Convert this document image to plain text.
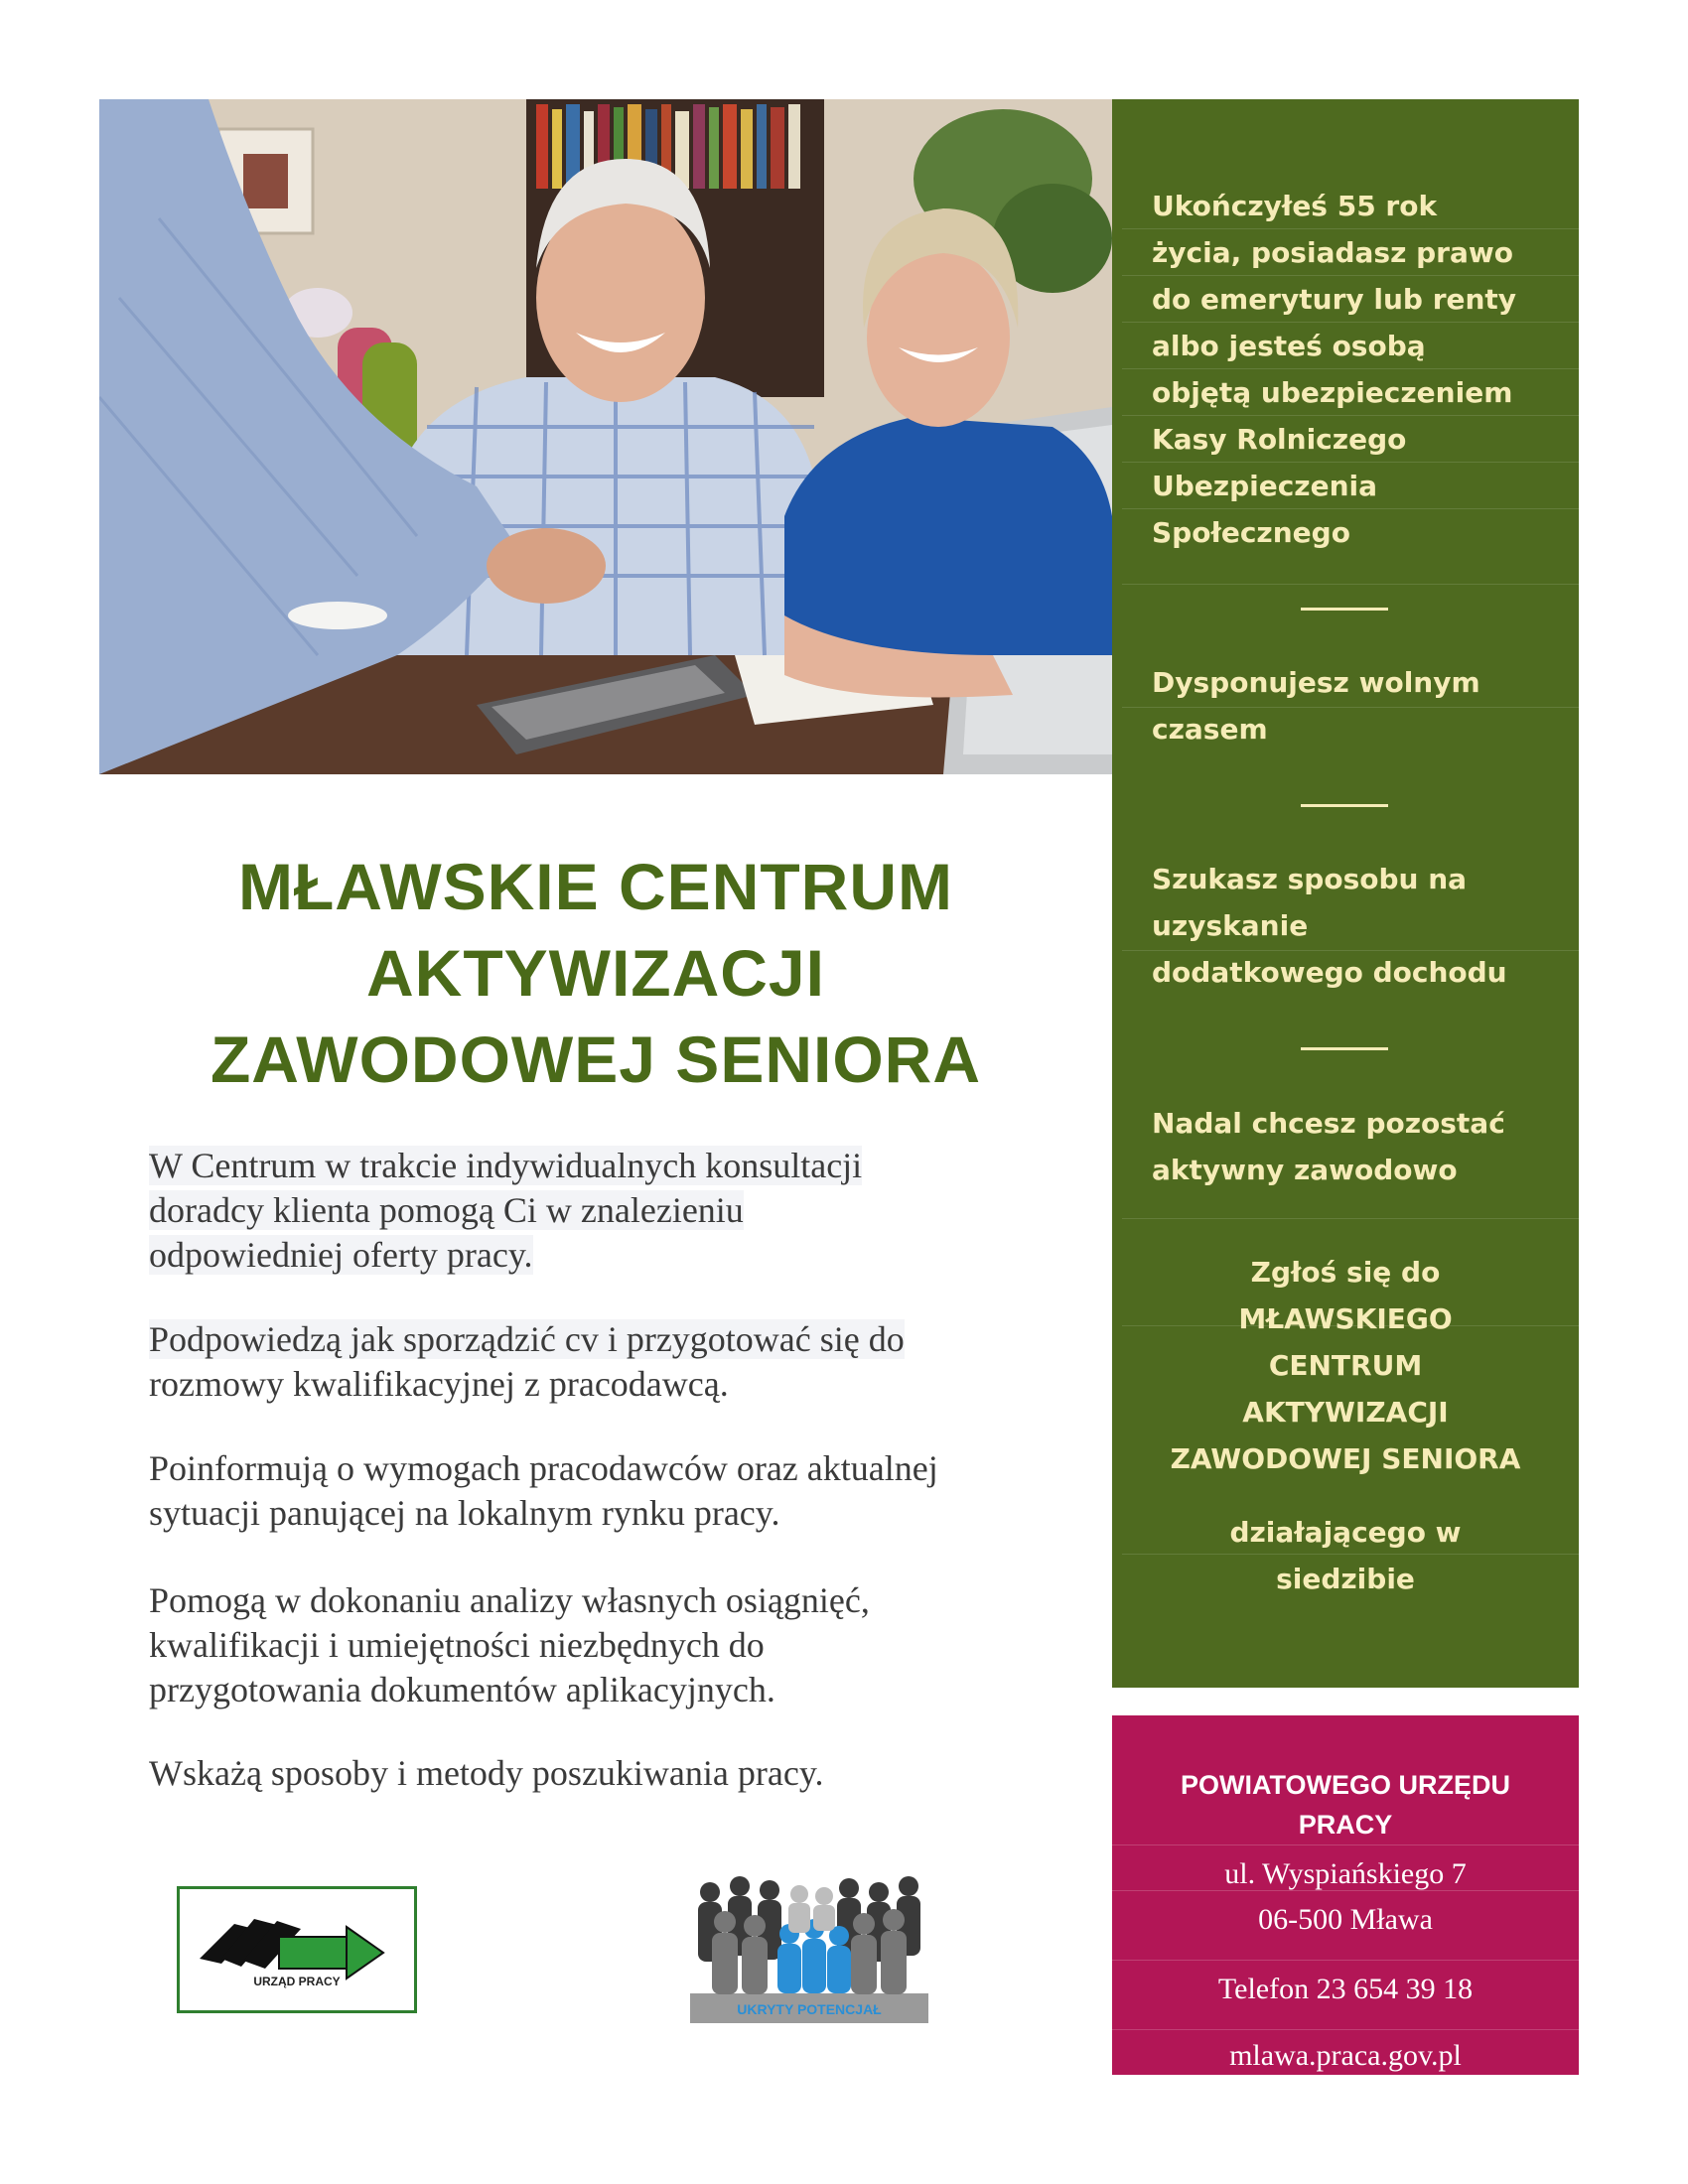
MŁAWSKIE CENTRUM
AKTYWIZACJI
ZAWODOWEJ SENIORA
W Centrum w trakcie indywidualnych konsultacji
doradcy klienta pomogą Ci w znalezieniu
odpowiedniej oferty pracy.
Podpowiedzą jak sporządzić cv i przygotować się do
rozmowy kwalifikacyjnej z pracodawcą.
Poinformują o wymogach pracodawców oraz aktualnej
sytuacji panującej na lokalnym rynku pracy.
Pomogą w dokonaniu analizy własnych osiągnięć,
kwalifikacji i umiejętności niezbędnych do
przygotowania dokumentów aplikacyjnych.
Wskażą sposoby i metody poszukiwania pracy.
URZĄD PRACY
UKRYTY POTENCJAŁ
Ukończyłeś 55 rok
życia, posiadasz prawo
do emerytury lub renty
albo jesteś osobą
objętą ubezpieczeniem
Kasy Rolniczego
Ubezpieczenia
Społecznego
Dysponujesz wolnym
czasem
Szukasz sposobu na
uzyskanie
dodatkowego dochodu
Nadal chcesz pozostać
aktywny zawodowo
Zgłoś się do
MŁAWSKIEGO
CENTRUM
AKTYWIZACJI
ZAWODOWEJ SENIORA
działającego w
siedzibie
POWIATOWEGO URZĘDU
PRACY
ul. Wyspiańskiego 7
06-500 Mława
Telefon 23 654 39 18
mlawa.praca.gov.pl
